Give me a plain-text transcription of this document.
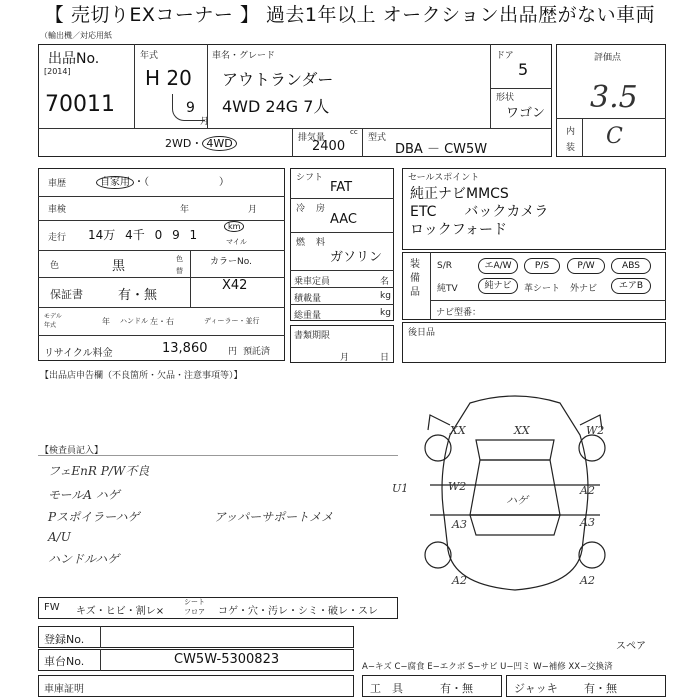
【 売切りEXコーナー 】 過去1年以上 オークション出品歴がない車両
（輸出機／対応用紙
出品No.
[2014]
70011
年式
H 20
9
月
車名・グレード
アウトランダー
4WD 24G 7人
ドア
5
形状
ワゴン
2WD・ 4WD	排気量
cc
2400
型式
DBA － CW5W
評価点
3.5
内
装 C
車歴	自家用 ・（　　　　　　　）
車検	年	月
走行 14万 4千 0 9 1
km
マイル
色	黒	色
替
カラーNo.
保証書	有・無
X42
モデル
年式	年 ハンドル 左・右	ディーラー・並行
リサイクル料金	13,860 円 預託済
シフト
FAT
冷 房
AAC
燃 料
ガソリン
乗車定員	名
積載量	kg
総重量	kg
書類期限
月	日
セールスポイント
純正ナビMMCS
ETC　　バックカメラ
ロックフォード
装備品
S/R	エA/W	P/S	P/W	ABS
純TV	純ナビ	革シート 外ナビ	エアB
ナビ型番：
後日品
【出品店申告欄（不良箇所・欠品・注意事項等）】
【検査員記入】
フェEnR P/W不良
モールA ハゲ
Pスポイラーハゲ	アッパーサポートメメ
A/U
ハンドルハゲ
XX	XX	W2
W2	A2
A3	A3
A2	A2
ハゲ
U1
スペア
FW キズ・ヒビ・割レ×
シート
フロア コゲ・穴・汚レ・シミ・破レ・スレ
登録No.
車台No.	CW5W-5300823	A−キズ C−腐食 E−エクボ S−サビ U−凹ミ W−補修 XX−交換済
車庫証明	工　具	有・無	ジャッキ 有・無
